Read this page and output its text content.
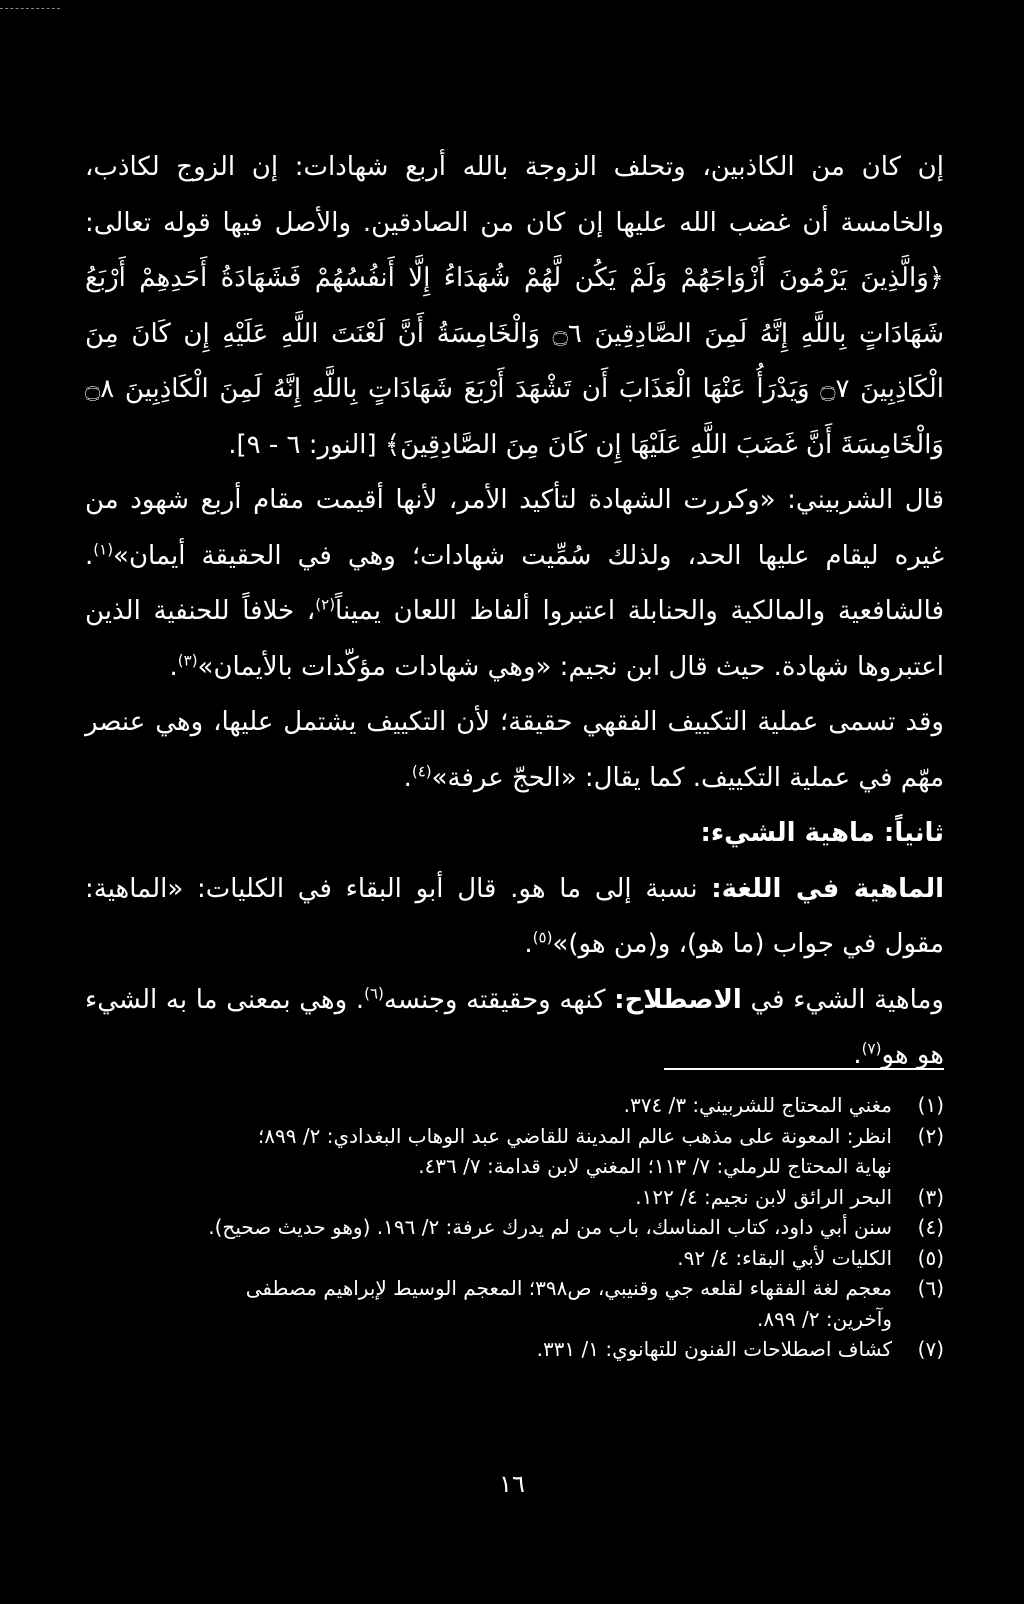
إن كان من الكاذبين، وتحلف الزوجة بالله أربع شهادات: إن الزوج لكاذب، والخامسة أن غضب الله عليها إن كان من الصادقين. والأصل فيها قوله تعالى: ﴿وَالَّذِينَ يَرْمُونَ أَزْوَاجَهُمْ وَلَمْ يَكُن لَّهُمْ شُهَدَاءُ إِلَّا أَنفُسُهُمْ فَشَهَادَةُ أَحَدِهِمْ أَرْبَعُ شَهَادَاتٍ بِاللَّهِ إِنَّهُ لَمِنَ الصَّادِقِينَ ۝٦ وَالْخَامِسَةُ أَنَّ لَعْنَتَ اللَّهِ عَلَيْهِ إِن كَانَ مِنَ الْكَاذِبِينَ ۝٧ وَيَدْرَأُ عَنْهَا الْعَذَابَ أَن تَشْهَدَ أَرْبَعَ شَهَادَاتٍ بِاللَّهِ إِنَّهُ لَمِنَ الْكَاذِبِينَ ۝٨ وَالْخَامِسَةَ أَنَّ غَضَبَ اللَّهِ عَلَيْهَا إِن كَانَ مِنَ الصَّادِقِينَ﴾ [النور: ٦ - ٩].

قال الشربيني: «وكررت الشهادة لتأكيد الأمر، لأنها أقيمت مقام أربع شهود من غيره ليقام عليها الحد، ولذلك سُمِّيت شهادات؛ وهي في الحقيقة أيمان»$^{(١)}$. فالشافعية والمالكية والحنابلة اعتبروا ألفاظ اللعان يميناً$^{(٢)}$، خلافاً للحنفية الذين اعتبروها شهادة. حيث قال ابن نجيم: «وهي شهادات مؤكّدات بالأيمان»$^{(٣)}$.

وقد تسمى عملية التكييف الفقهي حقيقة؛ لأن التكييف يشتمل عليها، وهي عنصر مهّم في عملية التكييف. كما يقال: «الحجّ عرفة»$^{(٤)}$.

ثانياً: ماهية الشيء:

الماهية في اللغة: نسبة إلى ما هو. قال أبو البقاء في الكليات: «الماهية: مقول في جواب (ما هو)، و(من هو)»$^{(٥)}$.

وماهية الشيء في الاصطلاح: كنهه وحقيقته وجنسه$^{(٦)}$. وهي بمعنى ما به الشيء هو هو$^{(٧)}$.

(١)
مغني المحتاج للشربيني: ٣/ ٣٧٤.
(٢)
انظر: المعونة على مذهب عالم المدينة للقاضي عبد الوهاب البغدادي: ٢/ ٨٩٩؛
نهاية المحتاج للرملي: ٧/ ١١٣؛ المغني لابن قدامة: ٧/ ٤٣٦.
(٣)
البحر الرائق لابن نجيم: ٤/ ١٢٢.
(٤)
سنن أبي داود، كتاب المناسك، باب من لم يدرك عرفة: ٢/ ١٩٦. (وهو حديث صحيح).
(٥)
الكليات لأبي البقاء: ٤/ ٩٢.
(٦)
معجم لغة الفقهاء لقلعه جي وقنيبي، ص٣٩٨؛ المعجم الوسيط لإبراهيم مصطفى
وآخرين: ٢/ ٨٩٩.
(٧)
كشاف اصطلاحات الفنون للتهانوي: ١/ ٣٣١.
١٦
